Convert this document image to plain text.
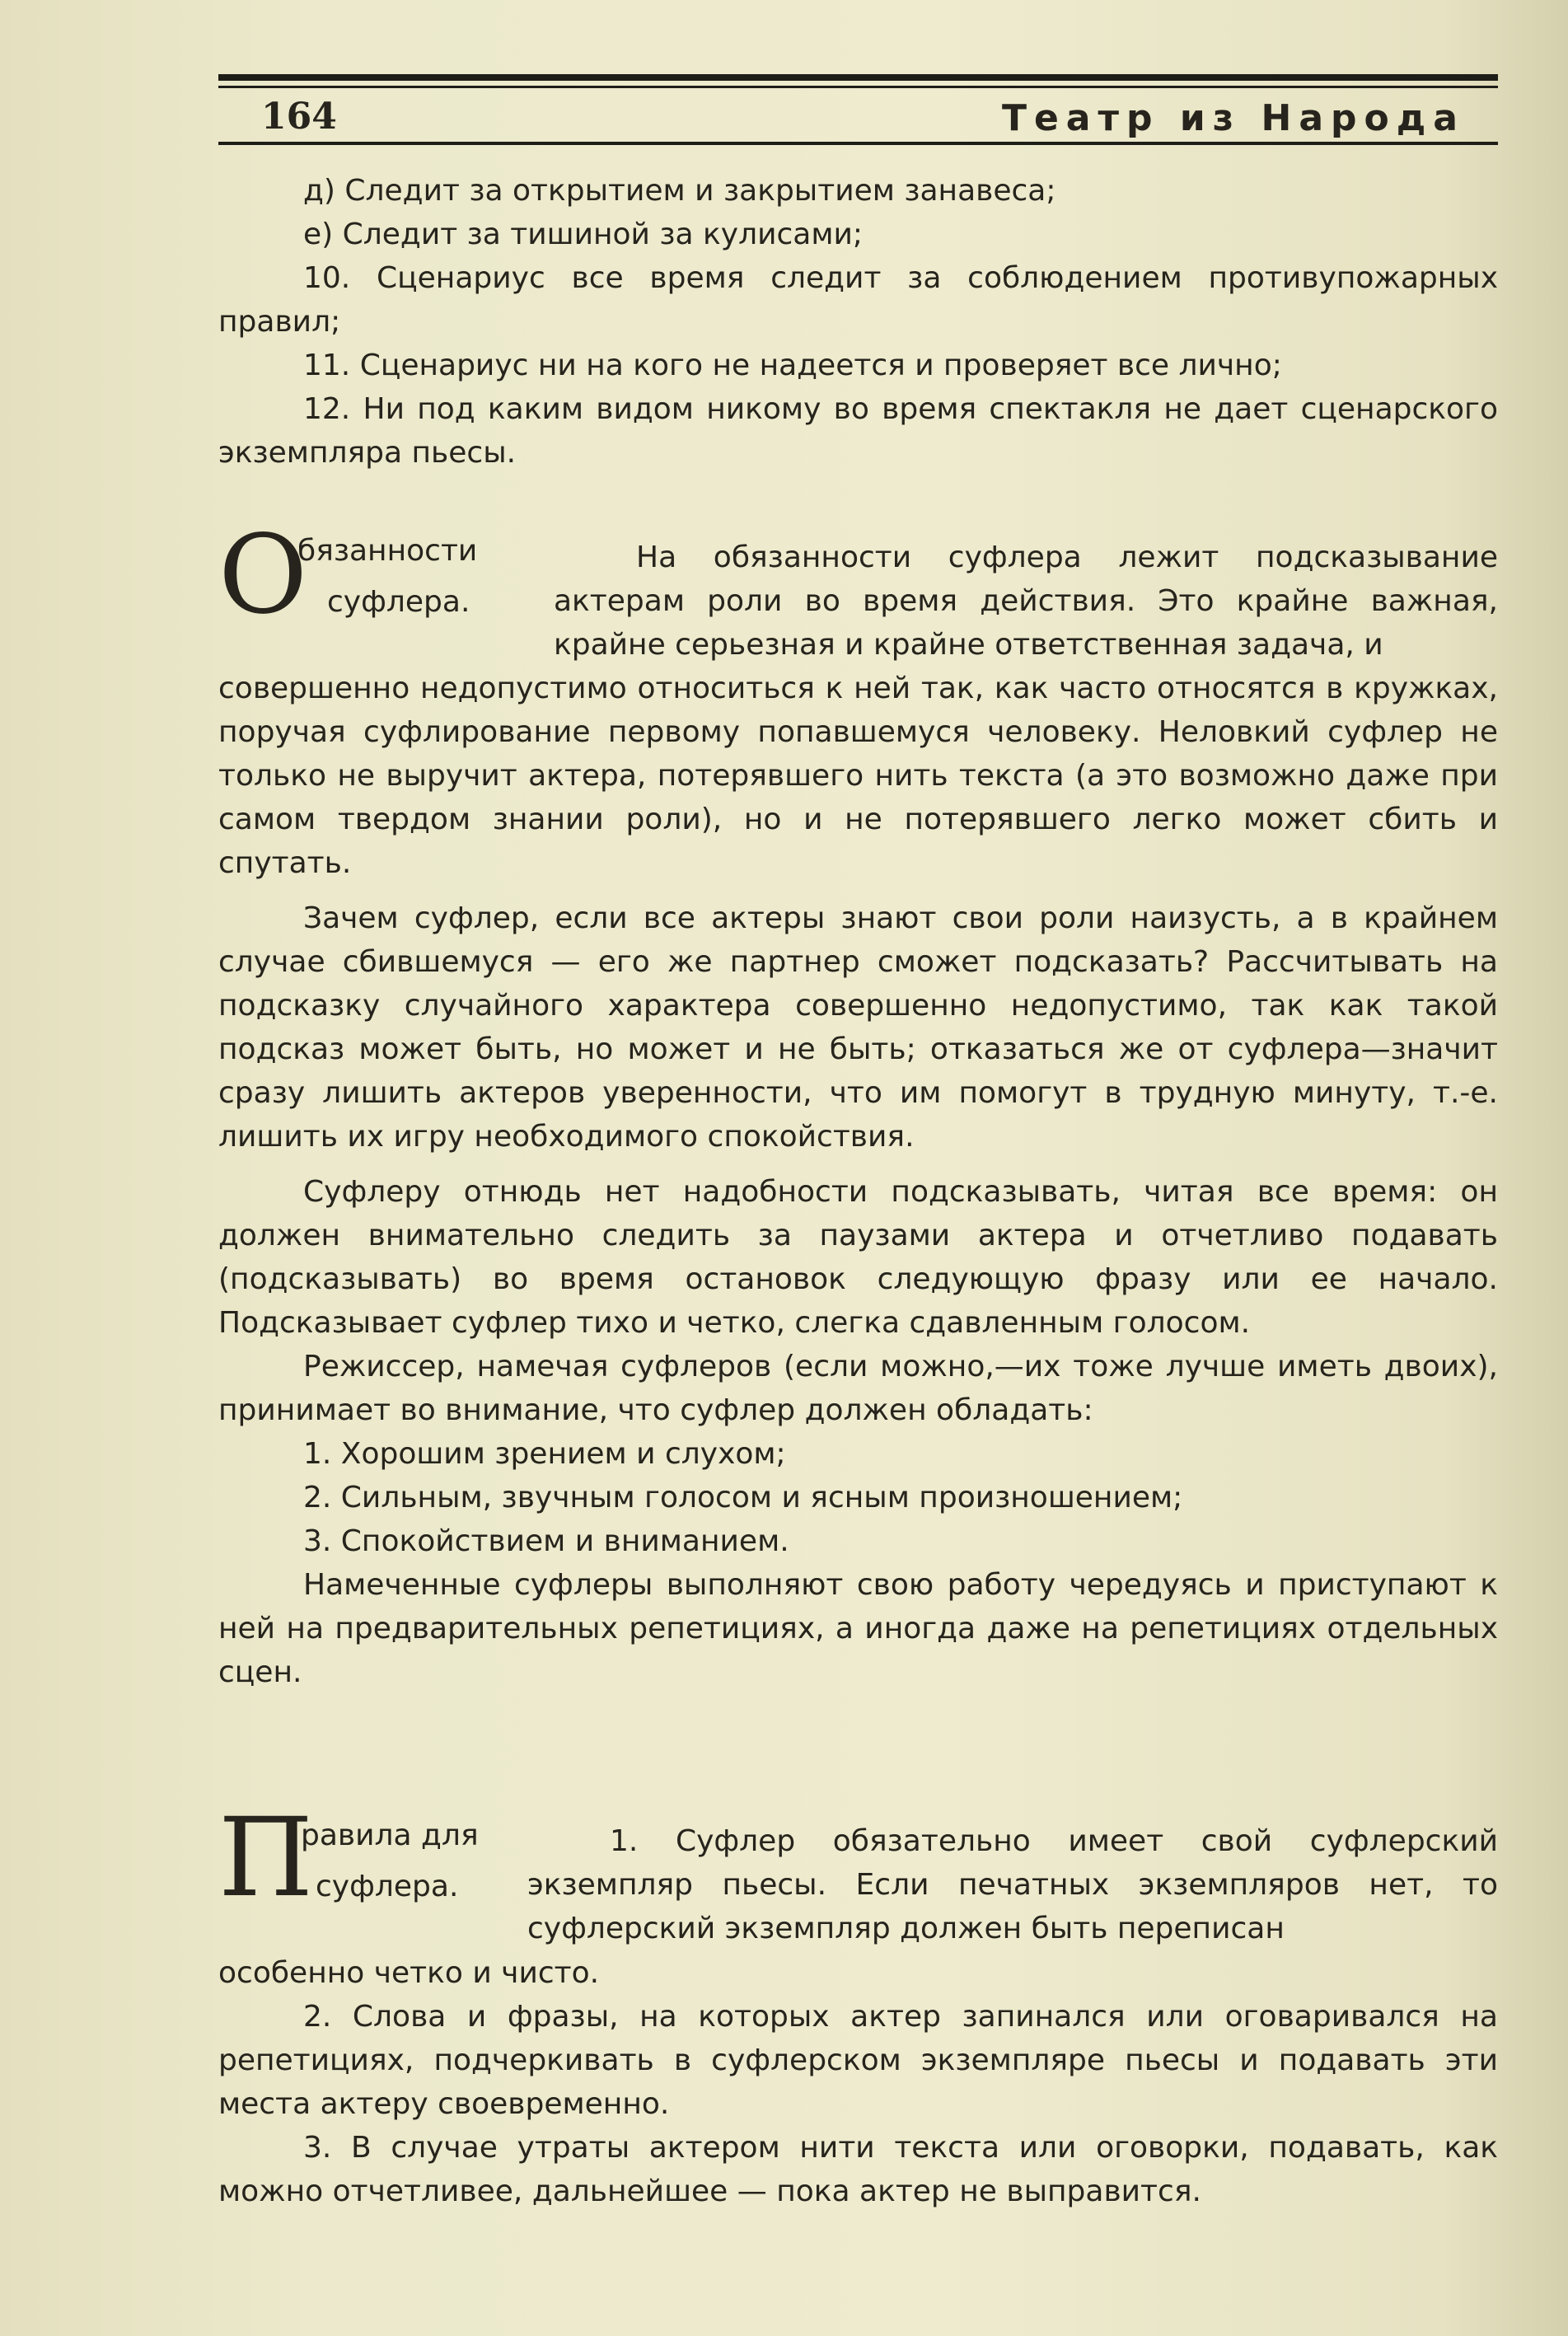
164	Театр из Народа

д) Следит за открытием и закрытием занавеса;

е) Следит за тишиной за кулисами;

10. Сценариус все время следит за соблюдением противупожарных правил;

11. Сценариус ни на кого не надеется и проверяет все лично;

12. Ни под каким видом никому во время спектакля не дает сценарского экземпляра пьесы.

О
бязанности
суфлера.

На обязанности суфлера лежит подсказывание актерам роли во время действия. Это крайне важная, крайне серьезная и крайне ответственная задача, и

совершенно недопустимо относиться к ней так, как часто относятся в кружках, поручая суфлирование первому попавшемуся человеку. Неловкий суфлер не только не выручит актера, потерявшего нить текста (а это возможно даже при самом твердом знании роли), но и не потерявшего легко может сбить и спутать.

Зачем суфлер, если все актеры знают свои роли наизусть, а в крайнем случае сбившемуся — его же партнер сможет подсказать? Рассчитывать на подсказку случайного характера совершенно недопустимо, так как такой подсказ может быть, но может и не быть; отказаться же от суфлера—значит сразу лишить актеров уверенности, что им помогут в трудную минуту, т.-е. лишить их игру необходимого спокойствия.

Суфлеру отнюдь нет надобности подсказывать, читая все время: он должен внимательно следить за паузами актера и отчетливо подавать (подсказывать) во время остановок следующую фразу или ее начало. Подсказывает суфлер тихо и четко, слегка сдавленным голосом.

Режиссер, намечая суфлеров (если можно,—их тоже лучше иметь двоих), принимает во внимание, что суфлер должен обладать:

1. Хорошим зрением и слухом;

2. Сильным, звучным голосом и ясным произношением;

3. Спокойствием и вниманием.

Намеченные суфлеры выполняют свою работу чередуясь и приступают к ней на предварительных репетициях, а иногда даже на репетициях отдельных сцен.

П
равила для
суфлера.

1. Суфлер обязательно имеет свой суфлерский экземпляр пьесы. Если печатных экземпляров нет, то суфлерский экземпляр должен быть переписан

особенно четко и чисто.

2. Слова и фразы, на которых актер запинался или оговаривался на репетициях, подчеркивать в суфлерском экземпляре пьесы и подавать эти места актеру своевременно.

3. В случае утраты актером нити текста или оговорки, подавать, как можно отчетливее, дальнейшее — пока актер не выправится.
